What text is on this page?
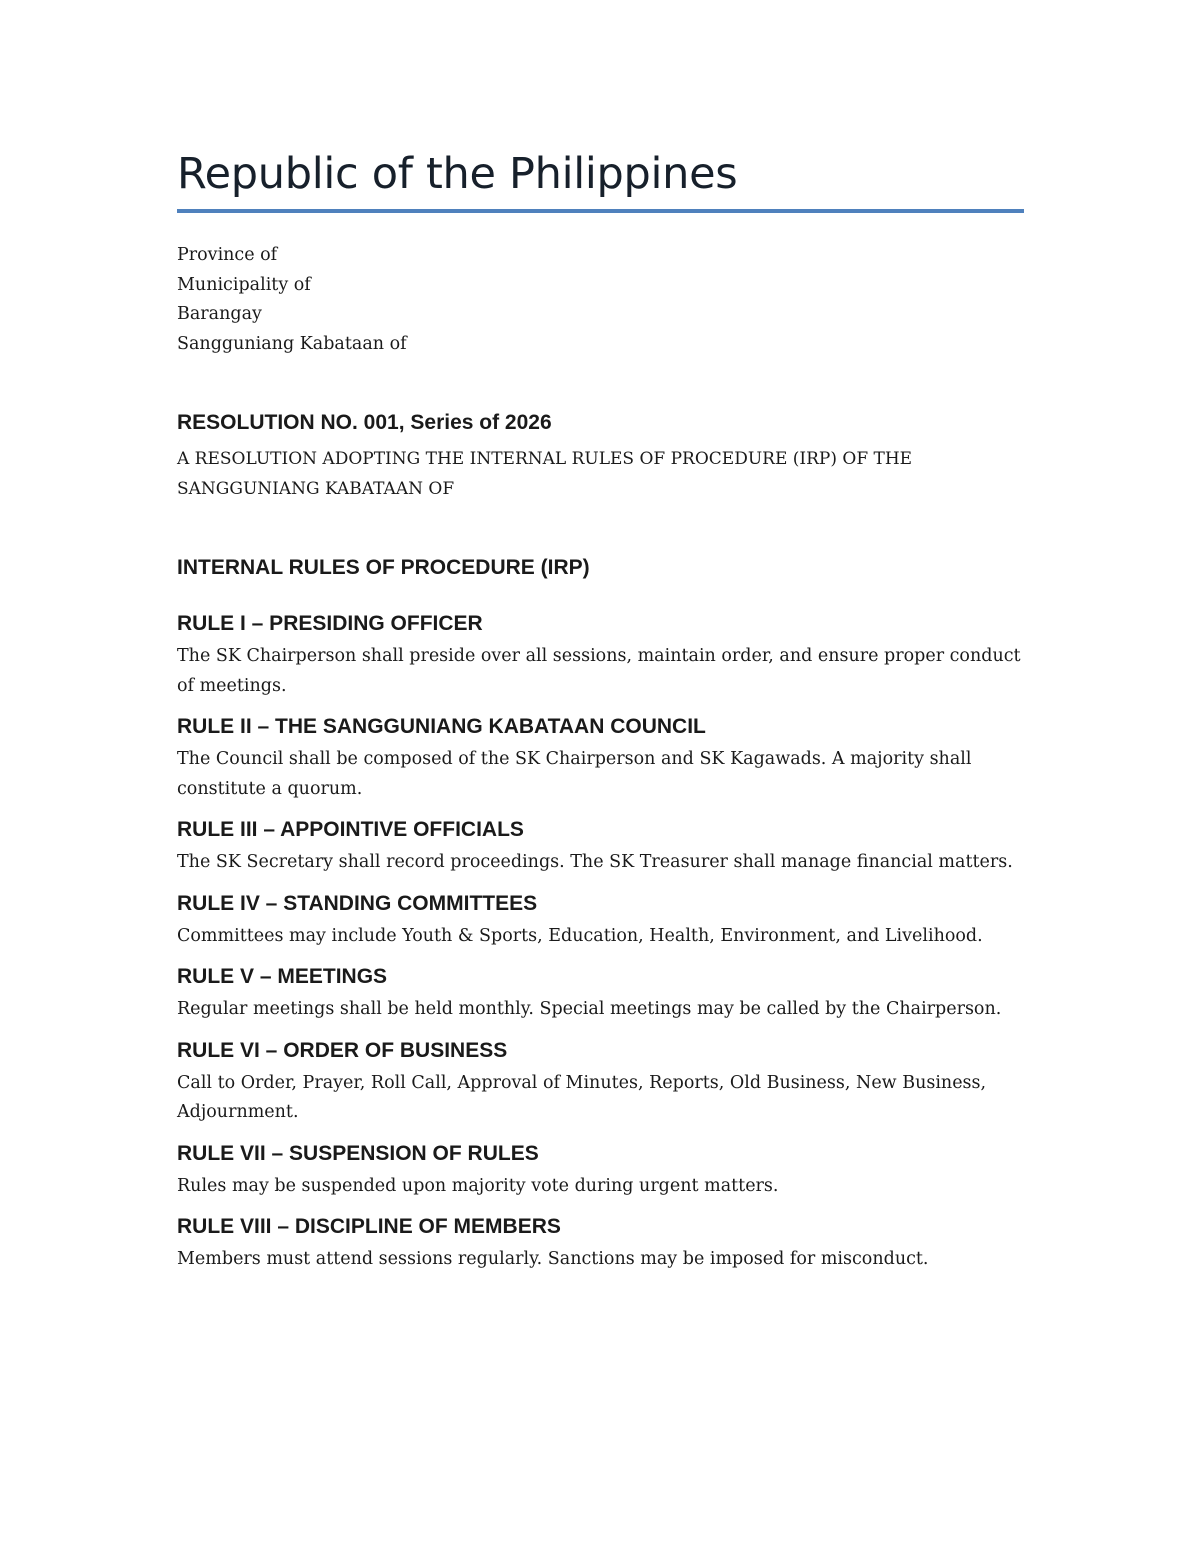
Republic of the Philippines
Province of
Municipality of
Barangay
Sangguniang Kabataan of
RESOLUTION NO. 001, Series of 2026

A RESOLUTION ADOPTING THE INTERNAL RULES OF PROCEDURE (IRP) OF THE SANGGUNIANG KABATAAN OF

INTERNAL RULES OF PROCEDURE (IRP)
RULE I – PRESIDING OFFICER

The SK Chairperson shall preside over all sessions, maintain order, and ensure proper conduct of meetings.

RULE II – THE SANGGUNIANG KABATAAN COUNCIL

The Council shall be composed of the SK Chairperson and SK Kagawads. A majority shall constitute a quorum.

RULE III – APPOINTIVE OFFICIALS

The SK Secretary shall record proceedings. The SK Treasurer shall manage financial matters.

RULE IV – STANDING COMMITTEES

Committees may include Youth & Sports, Education, Health, Environment, and Livelihood.

RULE V – MEETINGS

Regular meetings shall be held monthly. Special meetings may be called by the Chairperson.

RULE VI – ORDER OF BUSINESS

Call to Order, Prayer, Roll Call, Approval of Minutes, Reports, Old Business, New Business, Adjournment.

RULE VII – SUSPENSION OF RULES

Rules may be suspended upon majority vote during urgent matters.

RULE VIII – DISCIPLINE OF MEMBERS

Members must attend sessions regularly. Sanctions may be imposed for misconduct.
